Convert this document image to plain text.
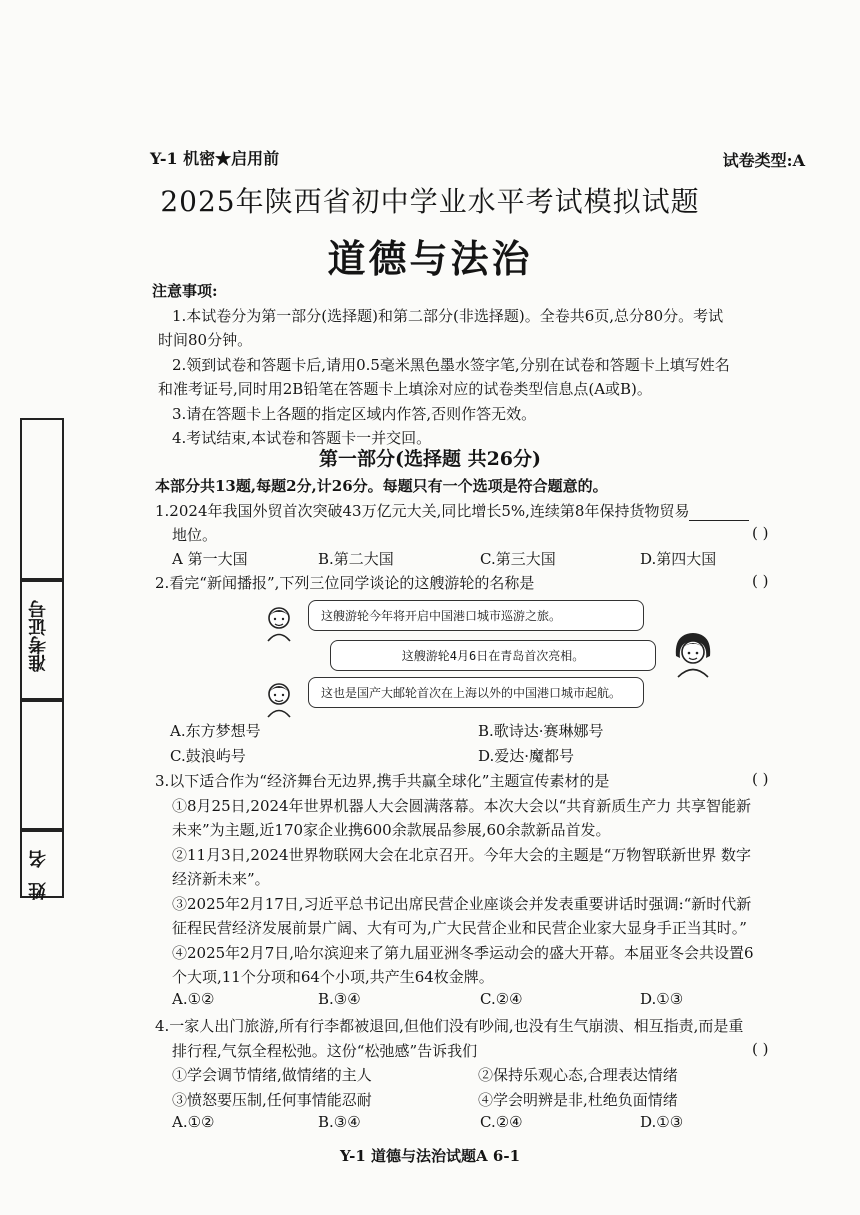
准考证号
姓名
Y-1 机密★启用前	试卷类型:A
2025年陕西省初中学业水平考试模拟试题
道德与法治
注意事项:
1.本试卷分为第一部分(选择题)和第二部分(非选择题)。全卷共6页,总分80分。考试
时间80分钟。
2.领到试卷和答题卡后,请用0.5毫米黑色墨水签字笔,分别在试卷和答题卡上填写姓名
和准考证号,同时用2B铅笔在答题卡上填涂对应的试卷类型信息点(A或B)。
3.请在答题卡上各题的指定区域内作答,否则作答无效。
4.考试结束,本试卷和答题卡一并交回。
第一部分(选择题 共26分)
本部分共13题,每题2分,计26分。每题只有一个选项是符合题意的。
1.2024年我国外贸首次突破43万亿元大关,同比增长5%,连续第8年保持货物贸易
地位。	( )
A 第一大国	B.第二大国	C.第三大国	D.第四大国
2.看完“新闻播报”,下列三位同学谈论的这艘游轮的名称是	( )
这艘游轮今年将开启中国港口城市巡游之旅。
这艘游轮4月6日在青岛首次亮相。
这也是国产大邮轮首次在上海以外的中国港口城市起航。
A.东方梦想号	B.歌诗达·赛琳娜号
C.鼓浪屿号	D.爱达·魔都号
3.以下适合作为“经济舞台无边界,携手共赢全球化”主题宣传素材的是	( )
①8月25日,2024年世界机器人大会圆满落幕。本次大会以“共育新质生产力 共享智能新
未来”为主题,近170家企业携600余款展品参展,60余款新品首发。
②11月3日,2024世界物联网大会在北京召开。今年大会的主题是“万物智联新世界 数字
经济新未来”。
③2025年2月17日,习近平总书记出席民营企业座谈会并发表重要讲话时强调:“新时代新
征程民营经济发展前景广阔、大有可为,广大民营企业和民营企业家大显身手正当其时。”
④2025年2月7日,哈尔滨迎来了第九届亚洲冬季运动会的盛大开幕。本届亚冬会共设置6
个大项,11个分项和64个小项,共产生64枚金牌。
A.①②	B.③④	C.②④	D.①③
4.一家人出门旅游,所有行李都被退回,但他们没有吵闹,也没有生气崩溃、相互指责,而是重
排行程,气氛全程松弛。这份“松弛感”告诉我们	( )
①学会调节情绪,做情绪的主人	②保持乐观心态,合理表达情绪
③愤怒要压制,任何事情能忍耐	④学会明辨是非,杜绝负面情绪
A.①②	B.③④	C.②④	D.①③
Y-1 道德与法治试题A 6-1
